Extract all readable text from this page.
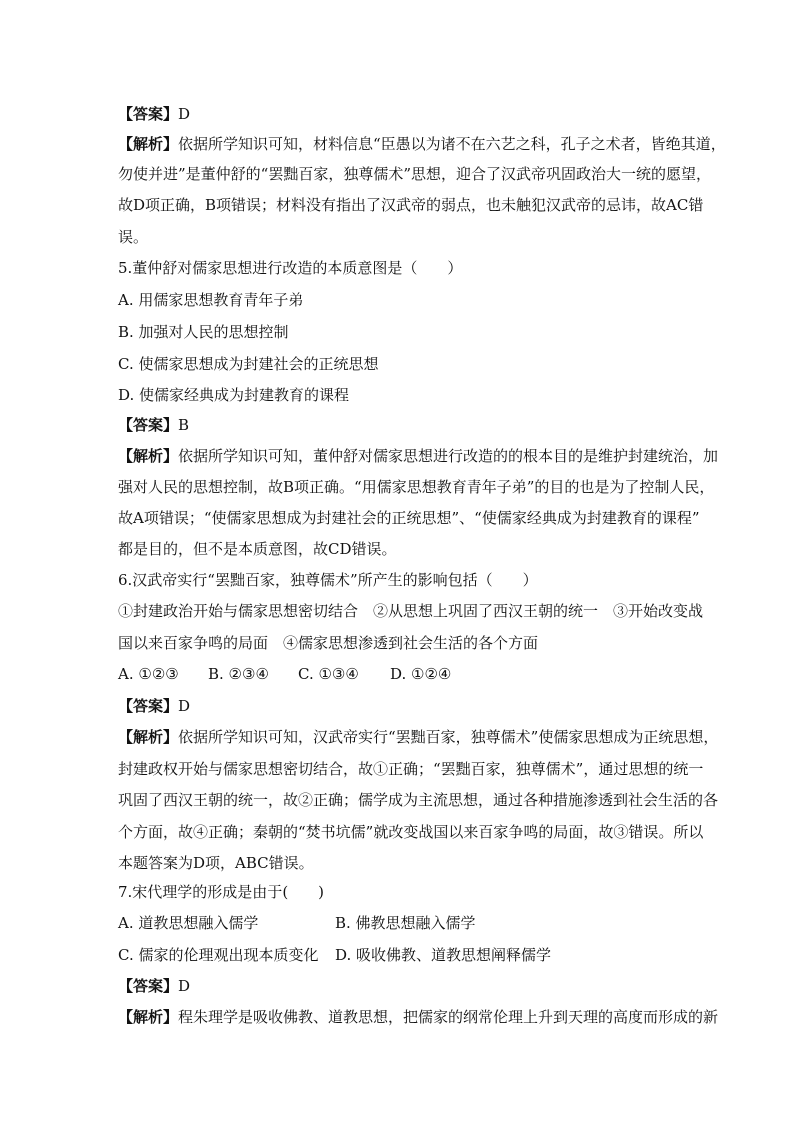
【答案】D
【解析】依据所学知识可知，材料信息“臣愚以为诸不在六艺之科，孔子之术者，皆绝其道，
勿使并进”是董仲舒的“罢黜百家，独尊儒术”思想，迎合了汉武帝巩固政治大一统的愿望，
故D项正确，B项错误；材料没有指出了汉武帝的弱点，也未触犯汉武帝的忌讳，故AC错
误。
5.董仲舒对儒家思想进行改造的本质意图是（　　）
A. 用儒家思想教育青年子弟
B. 加强对人民的思想控制
C. 使儒家思想成为封建社会的正统思想
D. 使儒家经典成为封建教育的课程
【答案】B
【解析】依据所学知识可知，董仲舒对儒家思想进行改造的的根本目的是维护封建统治，加
强对人民的思想控制，故B项正确。“用儒家思想教育青年子弟”的目的也是为了控制人民，
故A项错误；“使儒家思想成为封建社会的正统思想”、“使儒家经典成为封建教育的课程”
都是目的，但不是本质意图，故CD错误。
6.汉武帝实行“罢黜百家，独尊儒术”所产生的影响包括（　　）
①封建政治开始与儒家思想密切结合　②从思想上巩固了西汉王朝的统一　③开始改变战
国以来百家争鸣的局面　④儒家思想渗透到社会生活的各个方面
A. ①②③ B. ②③④ C. ①③④ D. ①②④
【答案】D
【解析】依据所学知识可知，汉武帝实行“罢黜百家，独尊儒术”使儒家思想成为正统思想，
封建政权开始与儒家思想密切结合，故①正确；“罢黜百家，独尊儒术”，通过思想的统一
巩固了西汉王朝的统一，故②正确；儒学成为主流思想，通过各种措施渗透到社会生活的各
个方面，故④正确；秦朝的“焚书坑儒”就改变战国以来百家争鸣的局面，故③错误。所以
本题答案为D项，ABC错误。
7.宋代理学的形成是由于(　　)
A. 道教思想融入儒学	B. 佛教思想融入儒学
C. 儒家的伦理观出现本质变化 D. 吸收佛教、道教思想阐释儒学
【答案】D
【解析】程朱理学是吸收佛教、道教思想，把儒家的纲常伦理上升到天理的高度而形成的新
